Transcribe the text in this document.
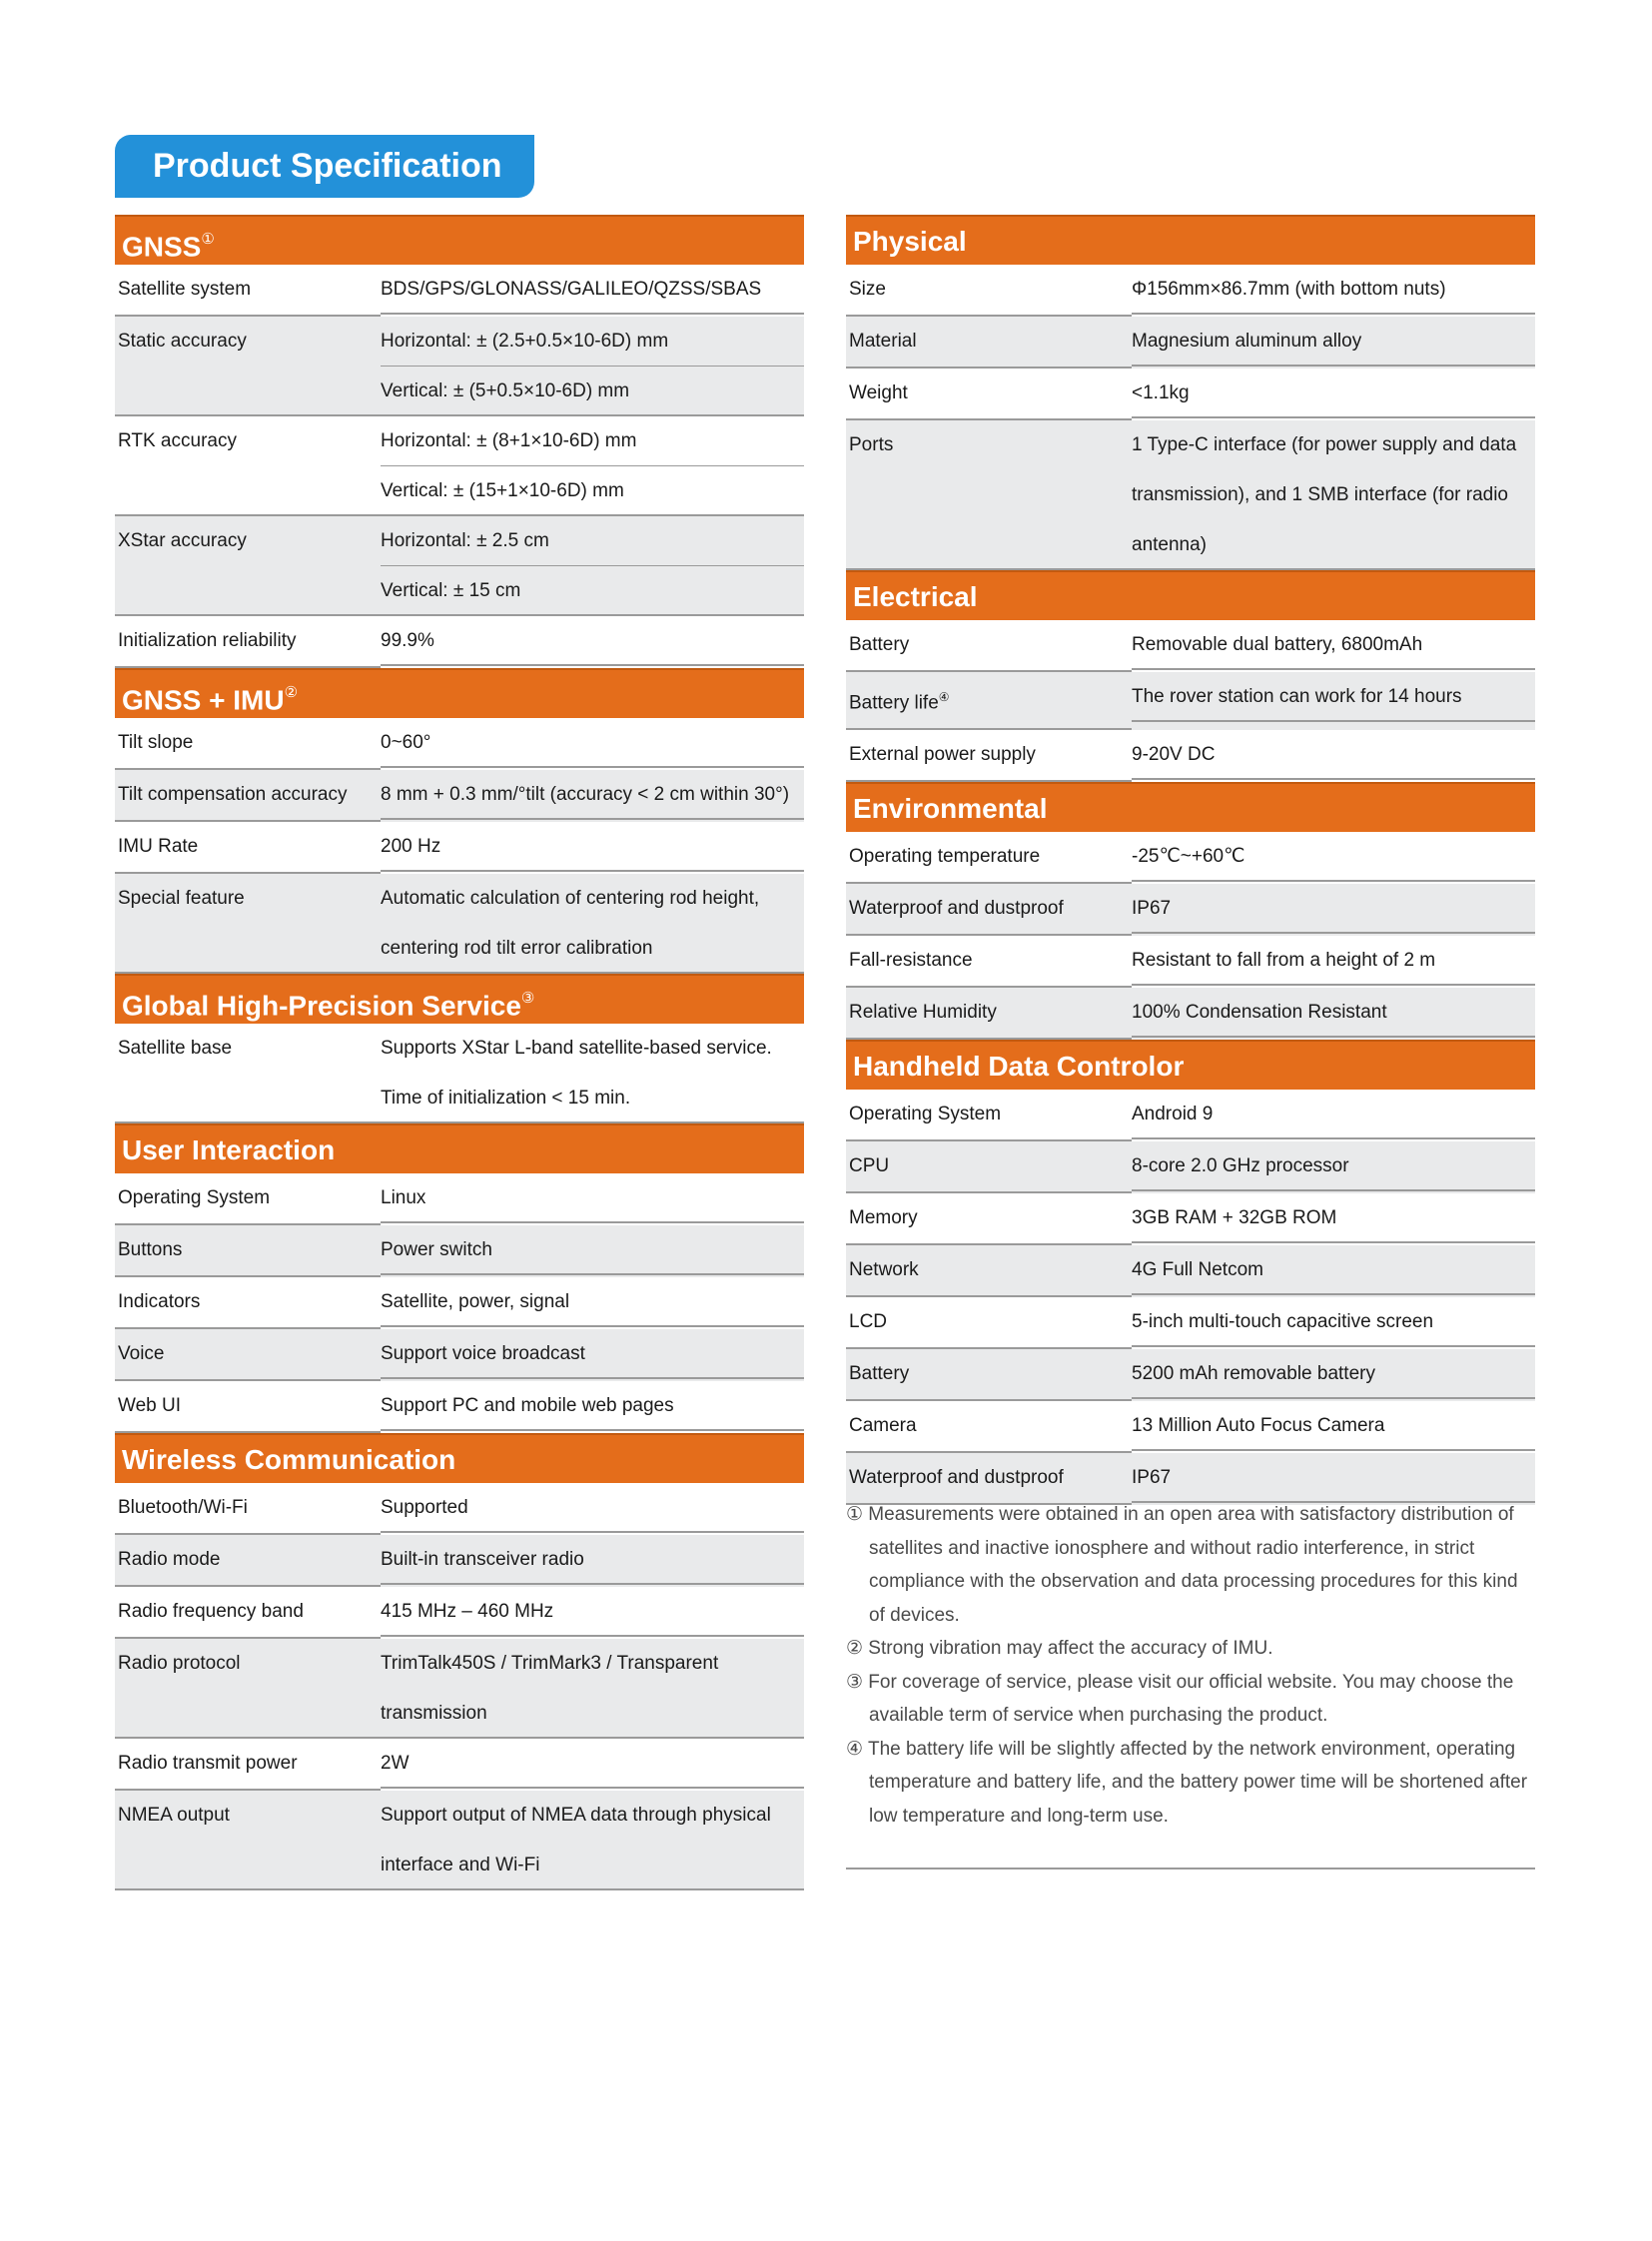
Product Specification
GNSS①
Satellite system	BDS/GPS/GLONASS/GALILEO/QZSS/SBAS
Static accuracy	Horizontal: ± (2.5+0.5×10-6D) mm
Vertical: ± (5+0.5×10-6D) mm
RTK accuracy	Horizontal: ± (8+1×10-6D) mm
Vertical: ± (15+1×10-6D) mm
XStar accuracy	Horizontal: ± 2.5 cm
Vertical: ± 15 cm
Initialization reliability	99.9%
GNSS + IMU②
Tilt slope	0~60°
Tilt compensation accuracy	8 mm + 0.3 mm/°tilt (accuracy < 2 cm within 30°)
IMU Rate	200 Hz
Special feature	Automatic calculation of centering rod height,
centering rod tilt error calibration
Global High-Precision Service③
Satellite base	Supports XStar L-band satellite-based service.
Time of initialization < 15 min.
User Interaction
Operating System	Linux
Buttons	Power switch
Indicators	Satellite, power, signal
Voice	Support voice broadcast
Web UI	Support PC and mobile web pages
Wireless Communication
Bluetooth/Wi-Fi	Supported
Radio mode	Built-in transceiver radio
Radio frequency band	415 MHz – 460 MHz
Radio protocol	TrimTalk450S / TrimMark3 / Transparent
transmission
Radio transmit power	2W
NMEA output	Support output of NMEA data through physical
interface and Wi-Fi
Physical
Size	Φ156mm×86.7mm (with bottom nuts)
Material	Magnesium aluminum alloy
Weight	<1.1kg
Ports	1 Type-C interface (for power supply and data
transmission), and 1 SMB interface (for radio
antenna)
Electrical
Battery	Removable dual battery, 6800mAh
Battery life④	The rover station can work for 14 hours
External power supply	9-20V DC
Environmental
Operating temperature	-25℃~+60℃
Waterproof and dustproof	IP67
Fall-resistance	Resistant to fall from a height of 2 m
Relative Humidity	100% Condensation Resistant
Handheld Data Controlor
Operating System	Android 9
CPU	8-core 2.0 GHz processor
Memory	3GB RAM + 32GB ROM
Network	4G Full Netcom
LCD	5-inch multi-touch capacitive screen
Battery	5200 mAh removable battery
Camera	13 Million Auto Focus Camera
Waterproof and dustproof	IP67
① Measurements were obtained in an open area with satisfactory distribution of satellites and inactive ionosphere and without radio interference, in strict compliance with the observation and data processing procedures for this kind of devices.
② Strong vibration may affect the accuracy of IMU.
③ For coverage of service, please visit our official website. You may choose the available term of service when purchasing the product.
④ The battery life will be slightly affected by the network environment, operating temperature and battery life, and the battery power time will be shortened after low temperature and long-term use.
